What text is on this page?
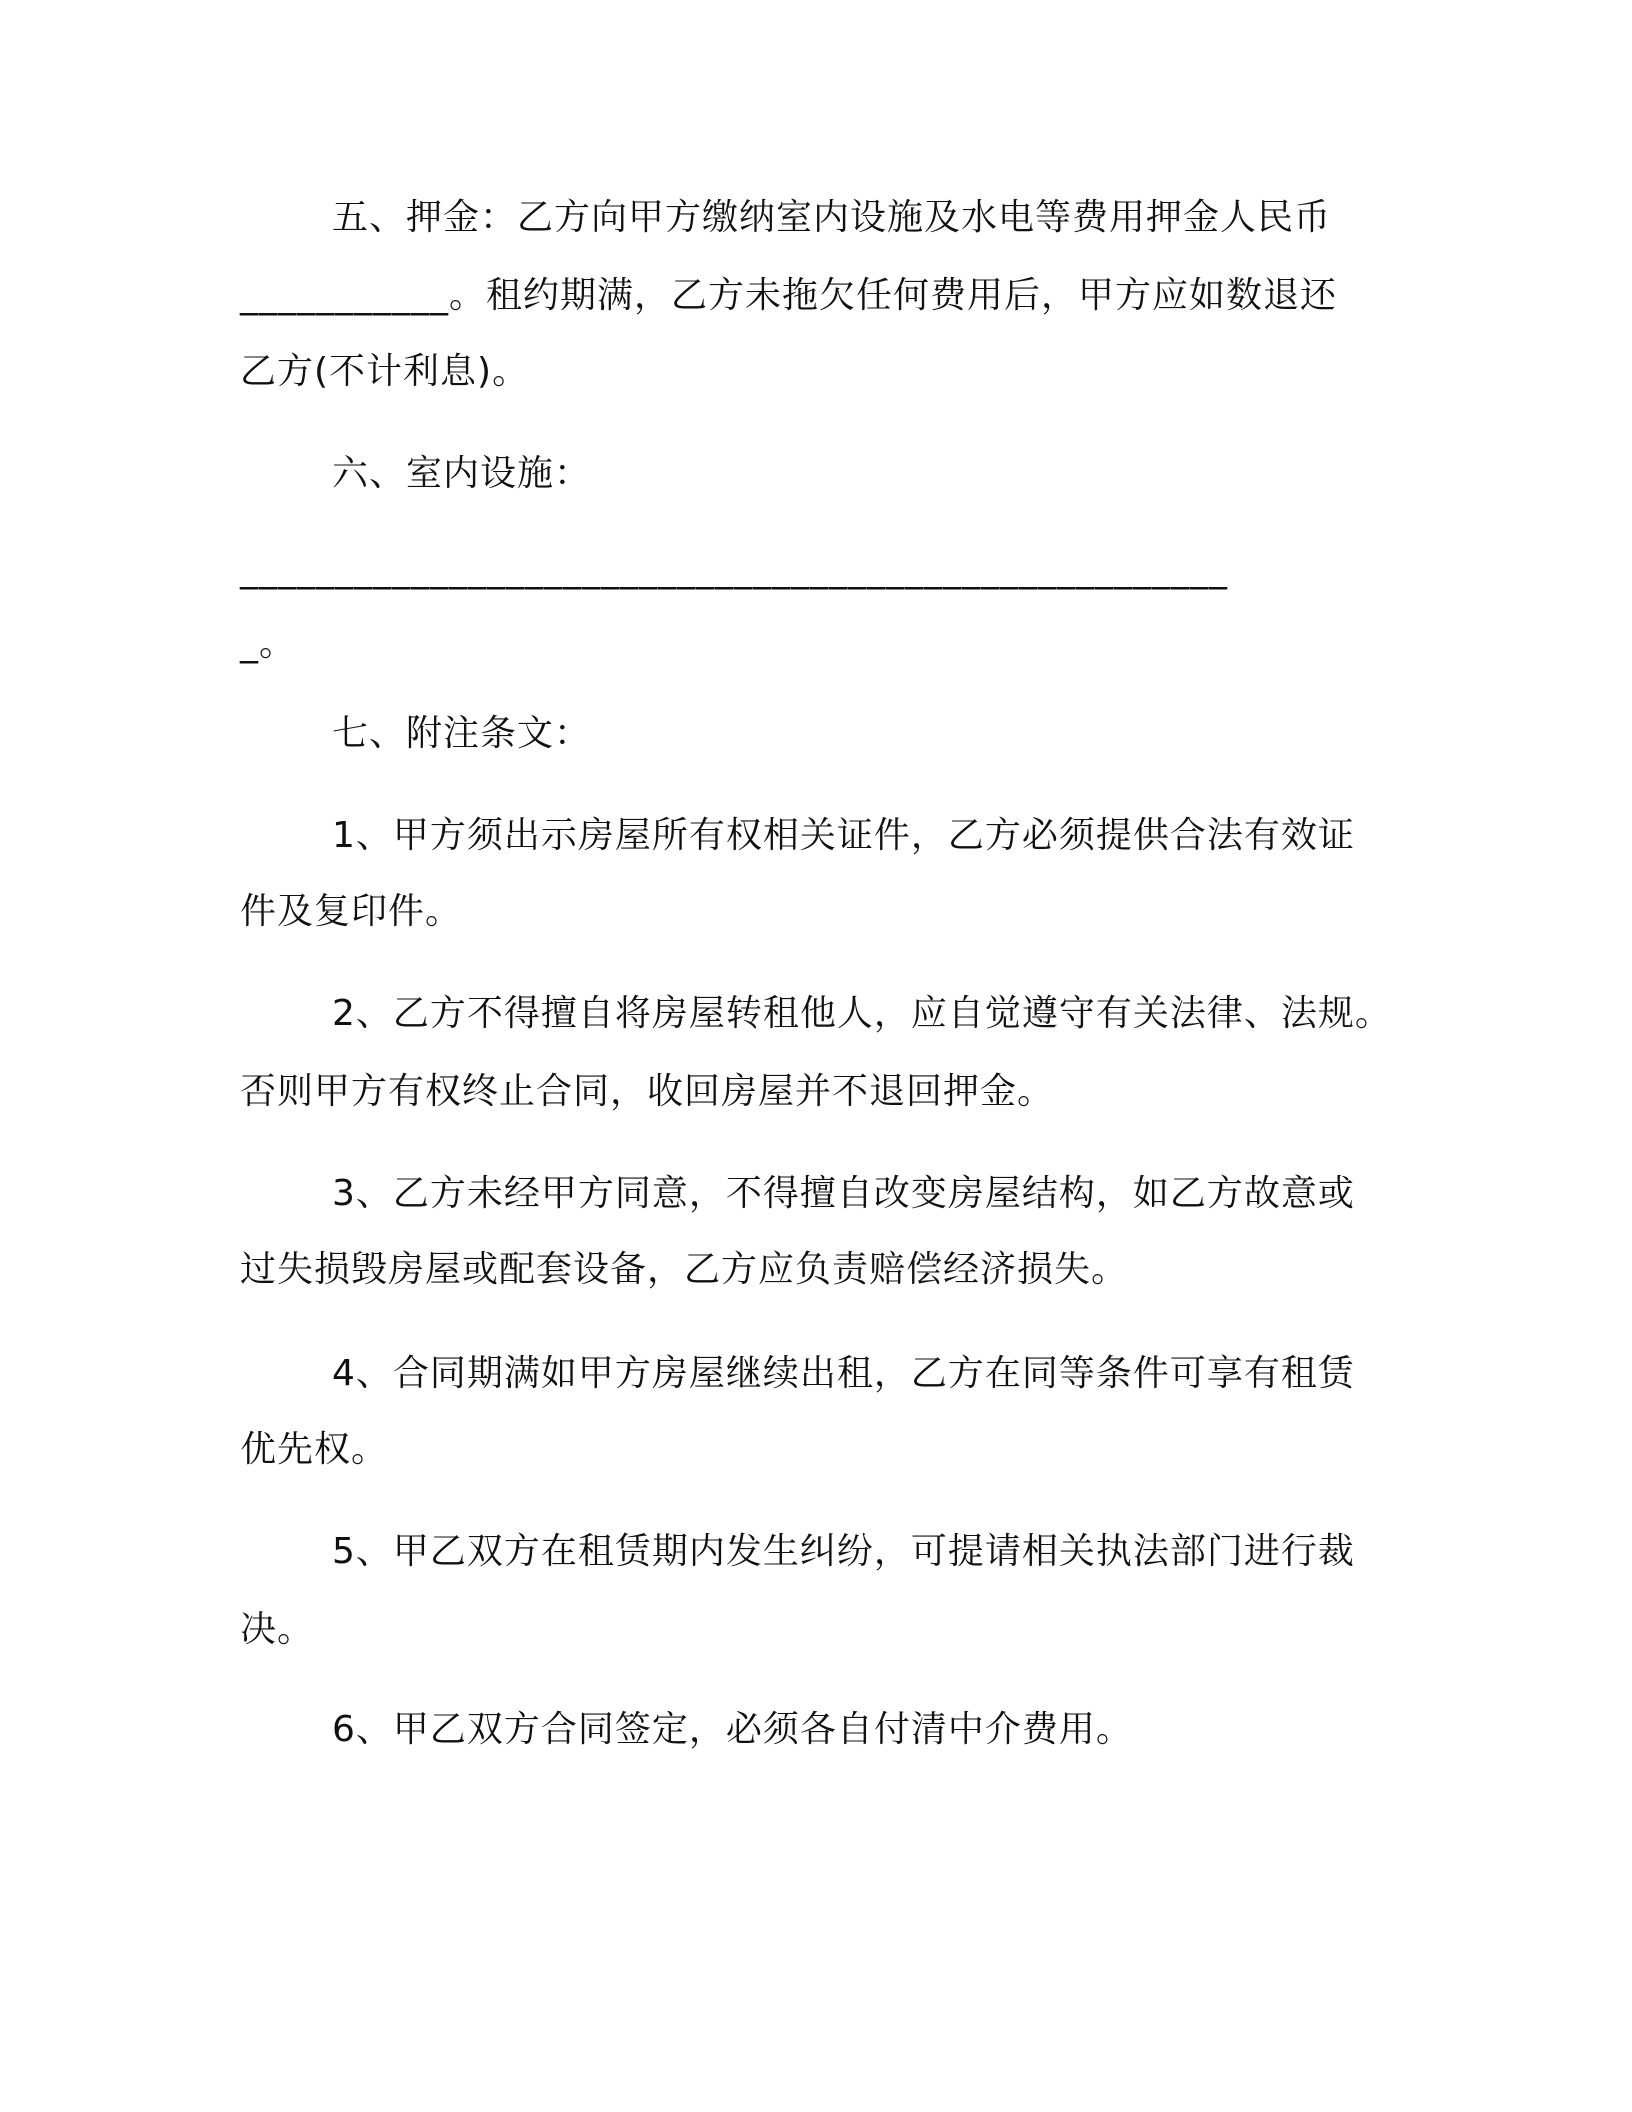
五、押金：乙方向甲方缴纳室内设施及水电等费用押金人民币

___________。租约期满，乙方未拖欠任何费用后，甲方应如数退还

乙方(不计利息)。

六、室内设施：

____________________________________________________

_。

七、附注条文：

1、甲方须出示房屋所有权相关证件，乙方必须提供合法有效证

件及复印件。

2、乙方不得擅自将房屋转租他人，应自觉遵守有关法律、法规。

否则甲方有权终止合同，收回房屋并不退回押金。

3、乙方未经甲方同意，不得擅自改变房屋结构，如乙方故意或

过失损毁房屋或配套设备，乙方应负责赔偿经济损失。

4、合同期满如甲方房屋继续出租，乙方在同等条件可享有租赁

优先权。

5、甲乙双方在租赁期内发生纠纷，可提请相关执法部门进行裁

决。

6、甲乙双方合同签定，必须各自付清中介费用。
